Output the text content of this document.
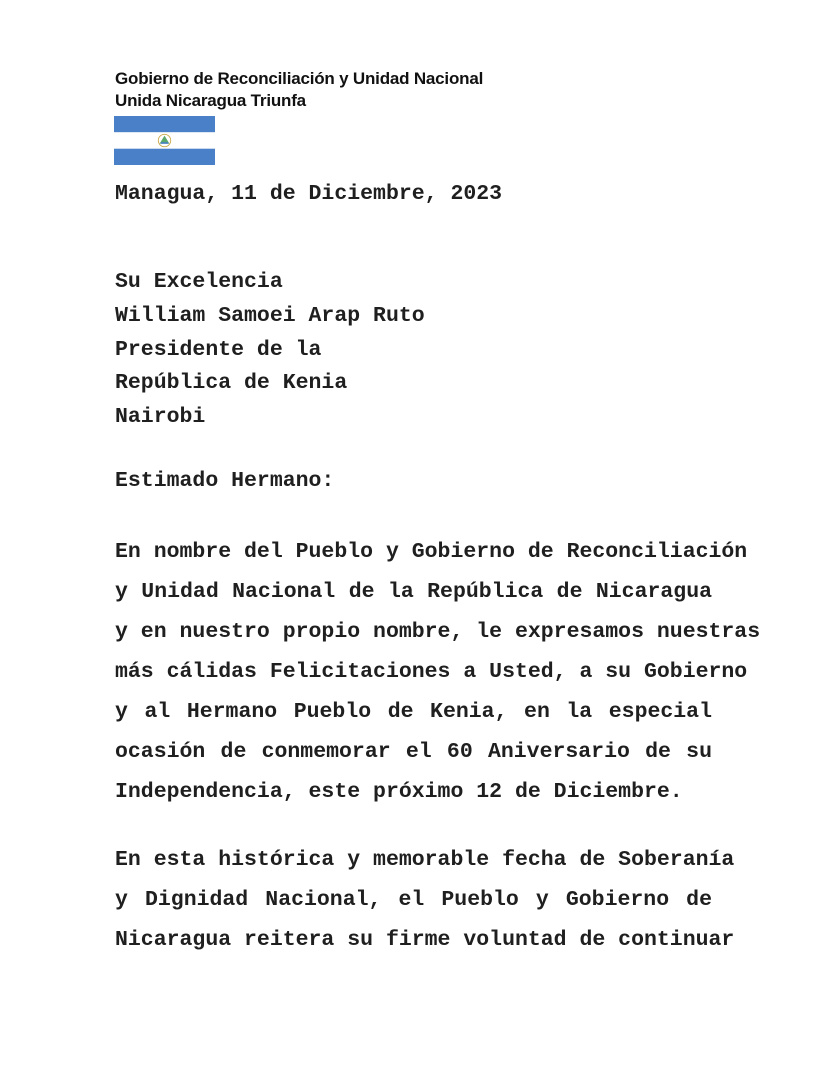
Gobierno de Reconciliación y Unidad Nacional
Unida Nicaragua Triunfa
Managua, 11 de Diciembre, 2023
Su Excelencia
William Samoei Arap Ruto
Presidente de la
República de Kenia
Nairobi
Estimado Hermano:
En nombre del Pueblo y Gobierno de Reconciliación
y Unidad Nacional de la República de Nicaragua
y en nuestro propio nombre, le expresamos nuestras
más cálidas Felicitaciones a Usted, a su Gobierno
y al Hermano Pueblo de Kenia, en la especial
ocasión de conmemorar el 60 Aniversario de su
Independencia, este próximo 12 de Diciembre.
En esta histórica y memorable fecha de Soberanía
y Dignidad Nacional, el Pueblo y Gobierno de
Nicaragua reitera su firme voluntad de continuar
